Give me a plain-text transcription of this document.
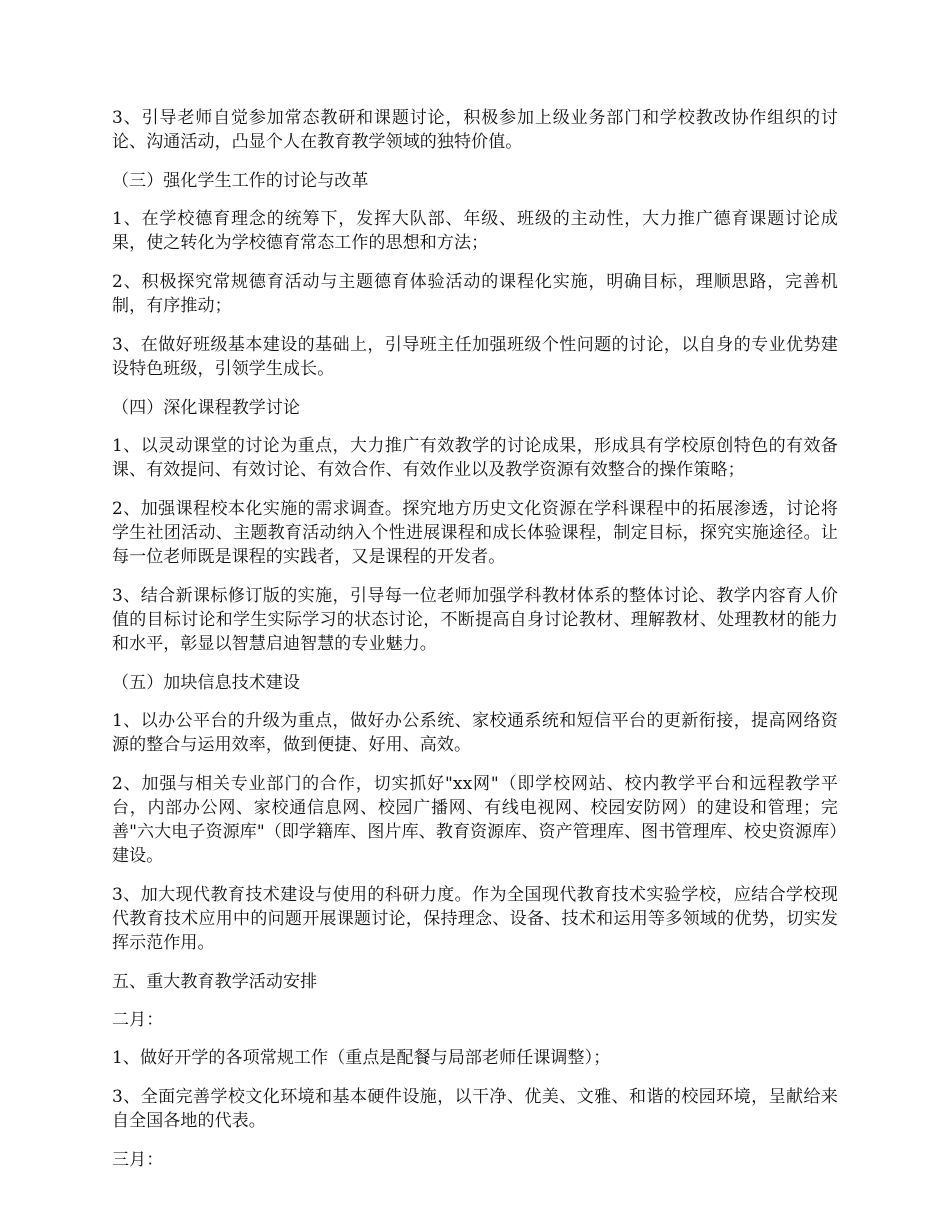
3、引导老师自觉参加常态教研和课题讨论，积极参加上级业务部门和学校教改协作组织的讨论、沟通活动，凸显个人在教育教学领域的独特价值。

（三）强化学生工作的讨论与改革

1、在学校德育理念的统筹下，发挥大队部、年级、班级的主动性，大力推广德育课题讨论成果，使之转化为学校德育常态工作的思想和方法；

2、积极探究常规德育活动与主题德育体验活动的课程化实施，明确目标，理顺思路，完善机制，有序推动；

3、在做好班级基本建设的基础上，引导班主任加强班级个性问题的讨论，以自身的专业优势建设特色班级，引领学生成长。

（四）深化课程教学讨论

1、以灵动课堂的讨论为重点，大力推广有效教学的讨论成果，形成具有学校原创特色的有效备课、有效提问、有效讨论、有效合作、有效作业以及教学资源有效整合的操作策略；

2、加强课程校本化实施的需求调查。探究地方历史文化资源在学科课程中的拓展渗透，讨论将学生社团活动、主题教育活动纳入个性进展课程和成长体验课程，制定目标，探究实施途径。让每一位老师既是课程的实践者，又是课程的开发者。

3、结合新课标修订版的实施，引导每一位老师加强学科教材体系的整体讨论、教学内容育人价值的目标讨论和学生实际学习的状态讨论，不断提高自身讨论教材、理解教材、处理教材的能力和水平，彰显以智慧启迪智慧的专业魅力。

（五）加块信息技术建设

1、以办公平台的升级为重点，做好办公系统、家校通系统和短信平台的更新衔接，提高网络资源的整合与运用效率，做到便捷、好用、高效。

2、加强与相关专业部门的合作，切实抓好"xx网"（即学校网站、校内教学平台和远程教学平台，内部办公网、家校通信息网、校园广播网、有线电视网、校园安防网）的建设和管理；完善"六大电子资源库"（即学籍库、图片库、教育资源库、资产管理库、图书管理库、校史资源库）建设。

3、加大现代教育技术建设与使用的科研力度。作为全国现代教育技术实验学校，应结合学校现代教育技术应用中的问题开展课题讨论，保持理念、设备、技术和运用等多领域的优势，切实发挥示范作用。

五、重大教育教学活动安排

二月：

1、做好开学的各项常规工作（重点是配餐与局部老师任课调整）；

3、全面完善学校文化环境和基本硬件设施，以干净、优美、文雅、和谐的校园环境，呈献给来自全国各地的代表。

三月：
